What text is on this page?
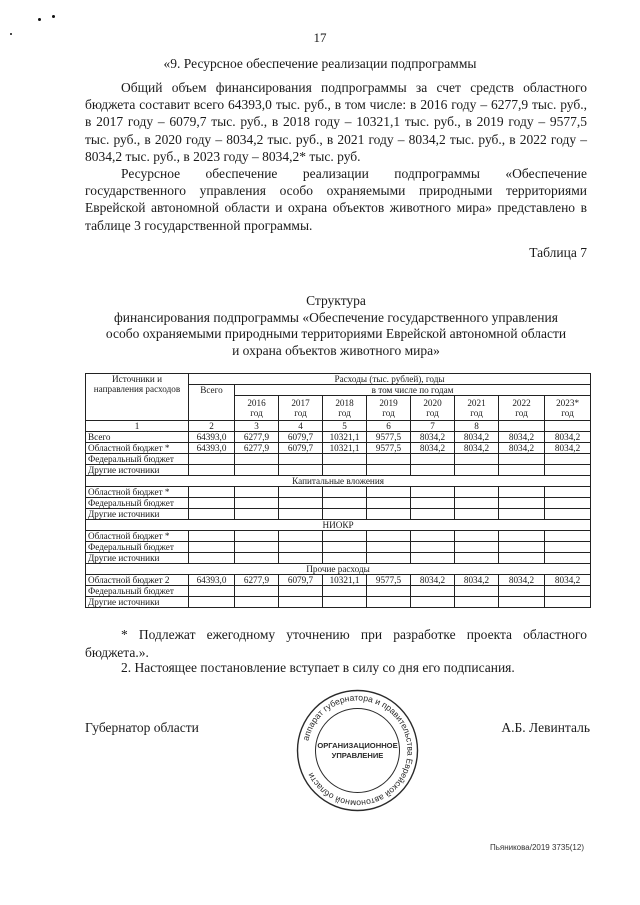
17
«9. Ресурсное обеспечение реализации подпрограммы
Общий объем финансирования подпрограммы за счет средств областного бюджета составит всего 64393,0 тыс. руб., в том числе: в 2016 году – 6277,9 тыс. руб., в 2017 году – 6079,7 тыс. руб., в 2018 году – 10321,1 тыс. руб., в 2019 году – 9577,5 тыс. руб., в 2020 году – 8034,2 тыс. руб., в 2021 году – 8034,2 тыс. руб., в 2022 году – 8034,2 тыс. руб., в 2023 году – 8034,2* тыс. руб.
Ресурсное обеспечение реализации подпрограммы «Обеспечение государственного управления особо охраняемыми природными территориями Еврейской автономной области и охрана объектов животного мира» представлено в таблице 3 государственной программы.
Таблица 7
Структура
финансирования подпрограммы «Обеспечение государственного управления
особо охраняемыми природными территориями Еврейской автономной области
и охрана объектов животного мира»
Источники и направления расходов	Расходы (тыс. рублей), годы								
	Всего	в том числе по годам							
		2016 год	2017 год	2018 год	2019 год	2020 год	2021 год	2022 год	2023* год
1	2	3	4	5	6	7	8		
Всего	64393,0	6277,9	6079,7	10321,1	9577,5	8034,2	8034,2	8034,2	8034,2
Областной бюджет *	64393,0	6277,9	6079,7	10321,1	9577,5	8034,2	8034,2	8034,2	8034,2
Федеральный бюджет									
Другие источники									
Капитальные вложения									
Областной бюджет *									
Федеральный бюджет									
Другие источники									
НИОКР									
Областной бюджет *									
Федеральный бюджет									
Другие источники									
Прочие расходы									
Областной бюджет 2	64393,0	6277,9	6079,7	10321,1	9577,5	8034,2	8034,2	8034,2	8034,2
Федеральный бюджет									
Другие источники									
* Подлежат ежегодному уточнению при разработке проекта областного бюджета.».
2. Настоящее постановление вступает в силу со дня его подписания.
Губернатор области	А.Б. Левинталь
аппарат губернатора и правительства Еврейской автономной области
ОРГАНИЗАЦИОННОЕ
УПРАВЛЕНИЕ
Пьяникова/2019 3735(12)
